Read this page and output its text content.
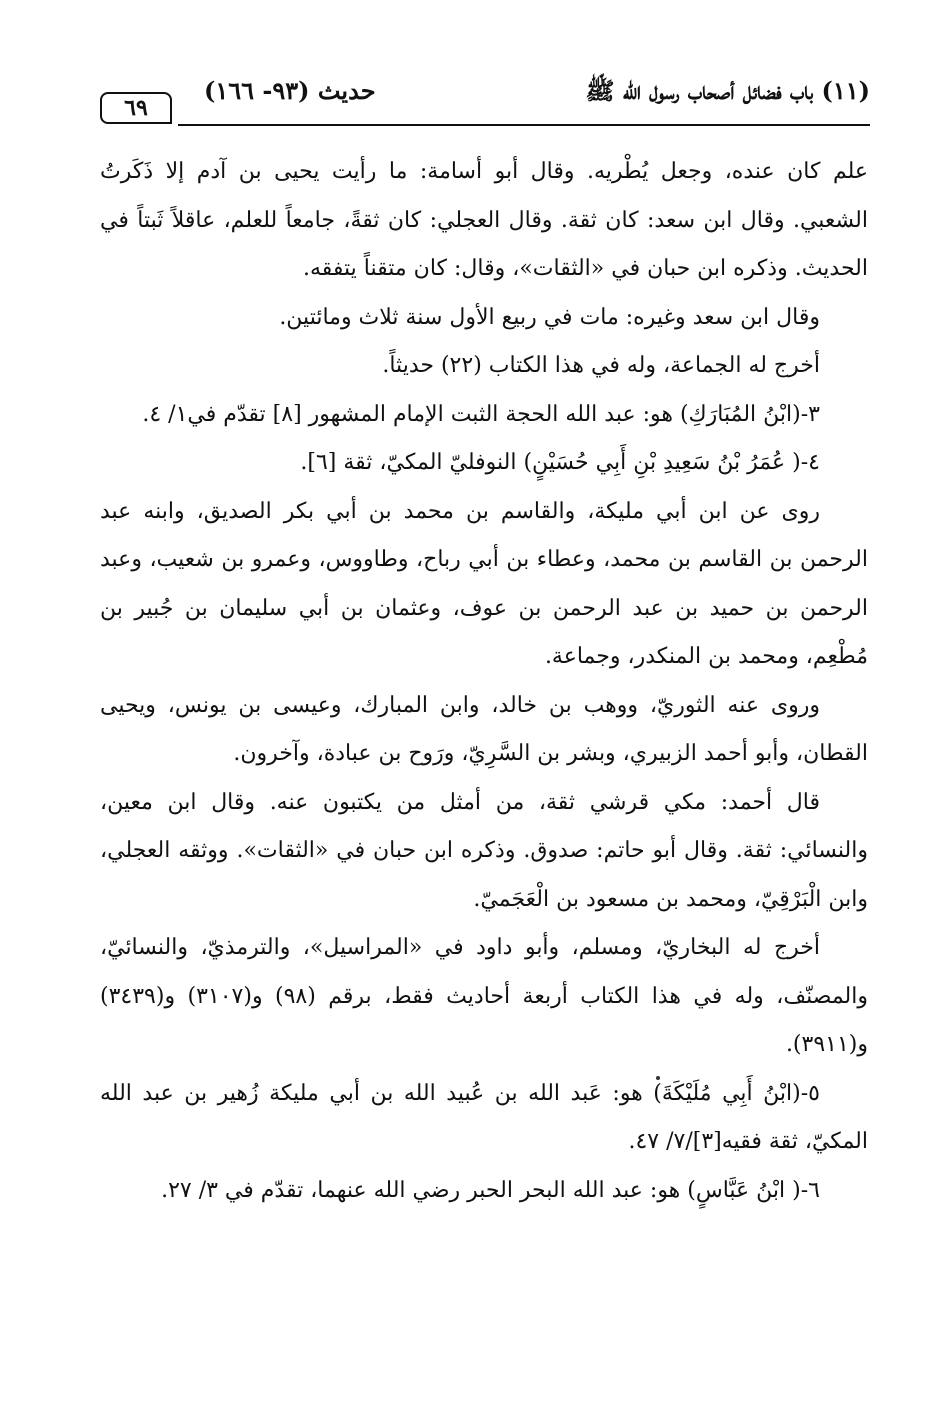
٦٩
حديث (٩٣- ١٦٦)	(١١) باب فضائل أصحاب رسول الله ﷺ

علم كان عنده، وجعل يُطْريه. وقال أبو أسامة: ما رأيت يحيى بن آدم إلا ذَكَرتُ الشعبي. وقال ابن سعد: كان ثقة. وقال العجلي: كان ثقةً، جامعاً للعلم، عاقلاً ثَبتاً في الحديث. وذكره ابن حبان في «الثقات»، وقال: كان متقناً يتفقه.

وقال ابن سعد وغيره: مات في ربيع الأول سنة ثلاث ومائتين.

أخرج له الجماعة، وله في هذا الكتاب (٢٢) حديثاً.

٣-(ابْنُ المُبَارَكِ) هو: عبد الله الحجة الثبت الإمام المشهور [٨] تقدّم في١/ ٤.

٤-( عُمَرُ بْنُ سَعِيدِ بْنِ أَبِي حُسَيْنٍ) النوفليّ المكيّ، ثقة [٦].

روى عن ابن أبي مليكة، والقاسم بن محمد بن أبي بكر الصديق، وابنه عبد الرحمن بن القاسم بن محمد، وعطاء بن أبي رباح، وطاووس، وعمرو بن شعيب، وعبد الرحمن بن حميد بن عبد الرحمن بن عوف، وعثمان بن أبي سليمان بن جُبير بن مُطْعِم، ومحمد بن المنكدر، وجماعة.

وروى عنه الثوريّ، ووهب بن خالد، وابن المبارك، وعيسى بن يونس، ويحيى القطان، وأبو أحمد الزبيري، وبشر بن السَّرِيّ، ورَوح بن عبادة، وآخرون.

قال أحمد: مكي قرشي ثقة، من أمثل من يكتبون عنه. وقال ابن معين، والنسائي: ثقة. وقال أبو حاتم: صدوق. وذكره ابن حبان في «الثقات». ووثقه العجلي، وابن الْبَرْقِيّ، ومحمد بن مسعود بن الْعَجَميّ.

أخرج له البخاريّ، ومسلم، وأبو داود في «المراسيل»، والترمذيّ، والنسائيّ، والمصنّف، وله في هذا الكتاب أربعة أحاديث فقط، برقم (٩٨) و(٣١٠٧) و(٣٤٣٩) و(٣٩١١).

٥-(ابْنُ أَبِي مُلَيْكَةَ) هو: عَبد الله بن عُبيد الله بن أبي مليكة زُهير بن عبد الله المكيّ، ثقة فقيه[٣]/٧/ ٤٧.

٦-( ابْنُ عَبَّاسٍ) هو: عبد الله البحر الحبر رضي الله عنهما، تقدّم في ٣/ ٢٧.
